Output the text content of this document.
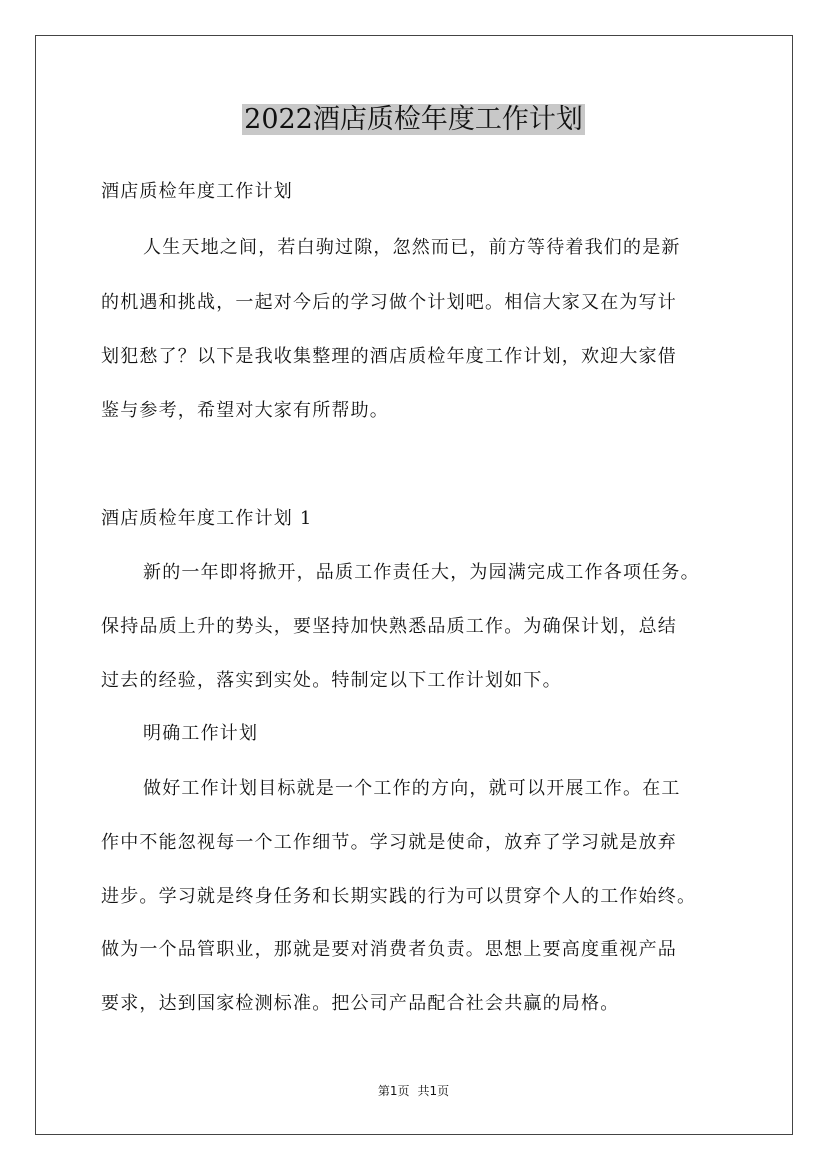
2022酒店质检年度工作计划
酒店质检年度工作计划
人生天地之间，若白驹过隙，忽然而已，前方等待着我们的是新
的机遇和挑战，一起对今后的学习做个计划吧。相信大家又在为写计
划犯愁了？以下是我收集整理的酒店质检年度工作计划，欢迎大家借
鉴与参考，希望对大家有所帮助。
酒店质检年度工作计划 1
新的一年即将掀开，品质工作责任大，为园满完成工作各项任务。
保持品质上升的势头，要坚持加快熟悉品质工作。为确保计划，总结
过去的经验，落实到实处。特制定以下工作计划如下。
明确工作计划
做好工作计划目标就是一个工作的方向，就可以开展工作。在工
作中不能忽视每一个工作细节。学习就是使命，放弃了学习就是放弃
进步。学习就是终身任务和长期实践的行为可以贯穿个人的工作始终。
做为一个品管职业，那就是要对消费者负责。思想上要高度重视产品
要求，达到国家检测标准。把公司产品配合社会共赢的局格。
第1页 共1页
